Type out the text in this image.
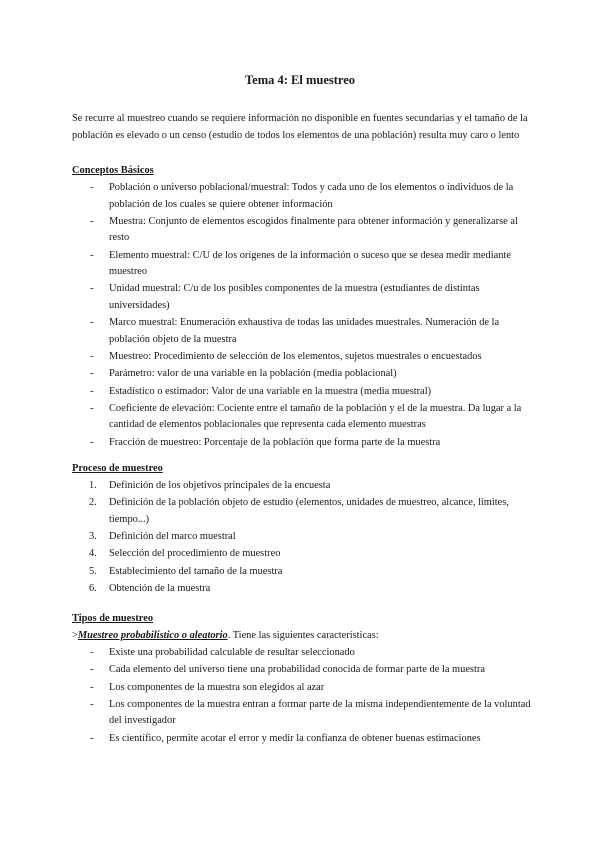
Tema 4: El muestreo

Se recurre al muestreo cuando se requiere información no disponible en fuentes secundarias y el tamaño de la población es elevado o un censo (estudio de todos los elementos de una población) resulta muy caro o lento

Conceptos Básicos
- Población o universo poblacional/muestral: Todos y cada uno de los elementos o individuos de la población de los cuales se quiere obtener información
- Muestra: Conjunto de elementos escogidos finalmente para obtener información y generalizarse al resto
- Elemento muestral: C/U de los orígenes de la información o suceso que se desea medir mediante muestreo
- Unidad muestral: C/u de los posibles componentes de la muestra (estudiantes de distintas universidades)
- Marco muestral: Enumeración exhaustiva de todas las unidades muestrales. Numeración de la población objeto de la muestra
- Muestreo: Procedimiento de selección de los elementos, sujetos muestrales o encuestados
- Parámetro: valor de una variable en la población (media poblacional)
- Estadístico o estimador: Valor de una variable en la muestra (media muestral)
- Coeficiente de elevación: Cociente entre el tamaño de la población y el de la muestra. Da lugar a la cantidad de elementos poblacionales que representa cada elemento muestras
- Fracción de muestreo: Porcentaje de la población que forma parte de la muestra
Proceso de muestreo
1. Definición de los objetivos principales de la encuesta
2. Definición de la población objeto de estudio (elementos, unidades de muestreo, alcance, límites, tiempo...)
3. Definición del marco muestral
4. Selección del procedimiento de muestreo
5. Establecimiento del tamaño de la muestra
6. Obtención de la muestra
Tipos de muestreo

>Muestreo probabilístico o aleatorio. Tiene las siguientes características:

- Existe una probabilidad calculable de resultar seleccionado
- Cada elemento del universo tiene una probabilidad conocida de formar parte de la muestra
- Los componentes de la muestra son elegidos al azar
- Los componentes de la muestra entran a formar parte de la misma independientemente de la voluntad del investigador
- Es científico, permite acotar el error y medir la confianza de obtener buenas estimaciones
